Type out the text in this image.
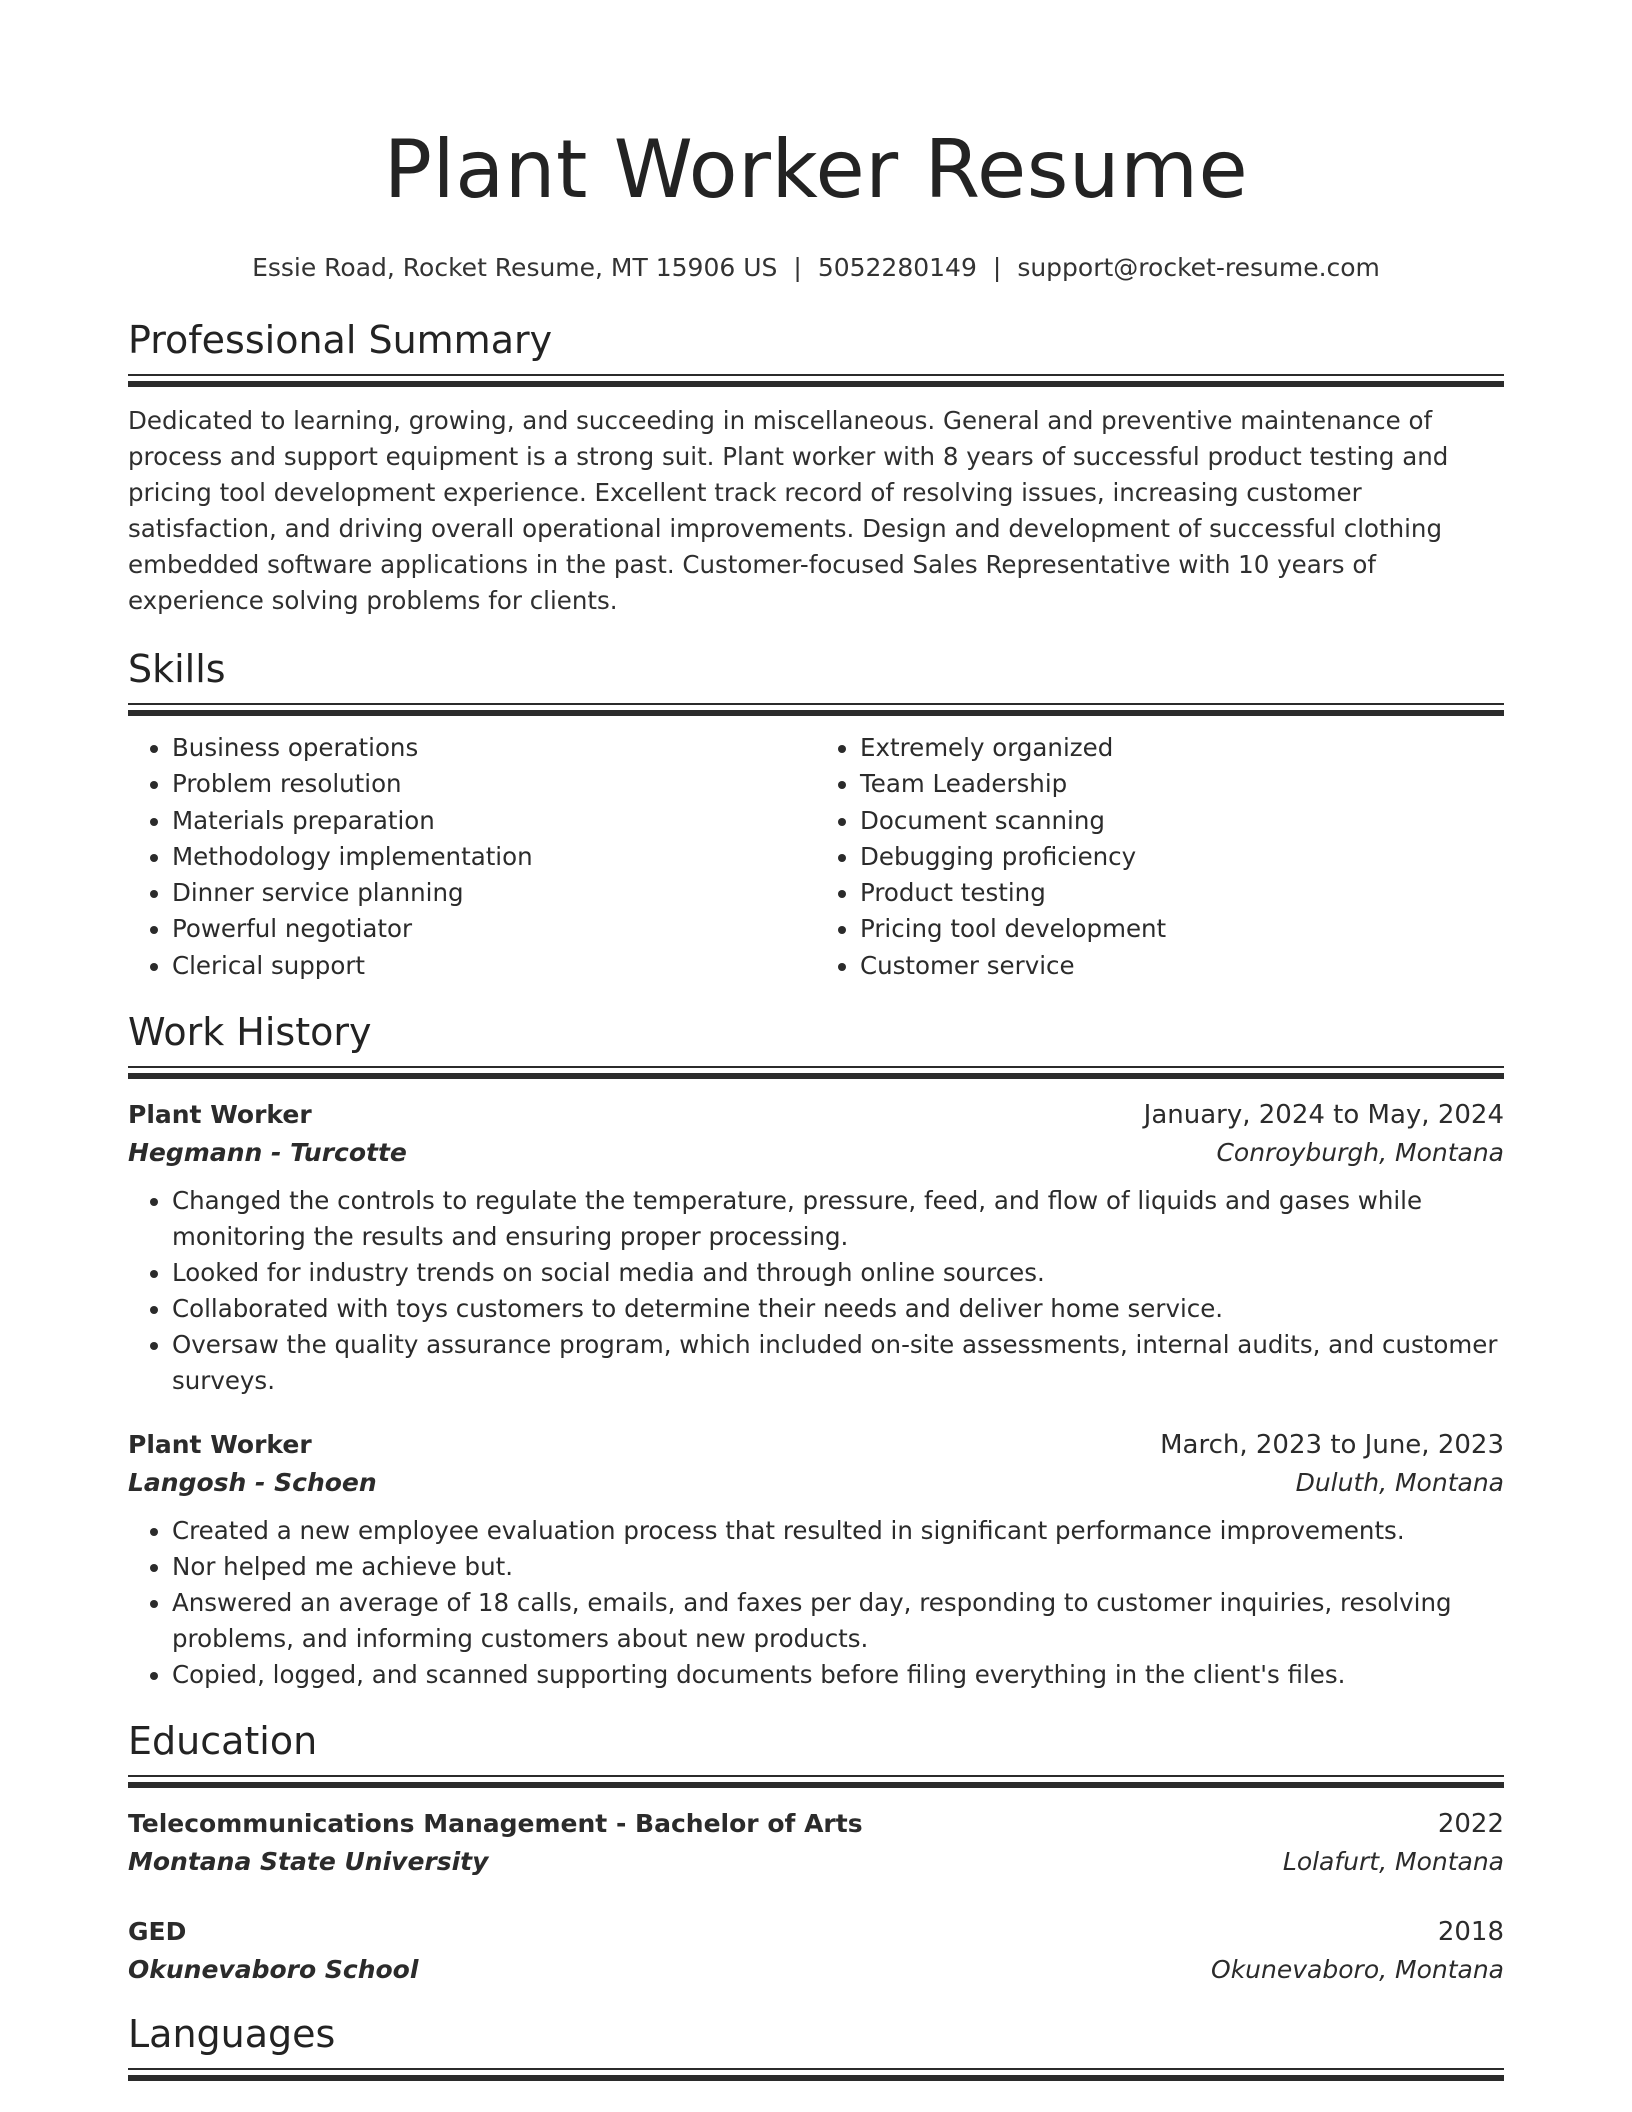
Plant Worker Resume
Essie Road, Rocket Resume, MT 15906 US | 5052280149 | support@rocket-resume.com
Professional Summary

Dedicated to learning, growing, and succeeding in miscellaneous. General and preventive maintenance of process and support equipment is a strong suit. Plant worker with 8 years of successful product testing and pricing tool development experience. Excellent track record of resolving issues, increasing customer satisfaction, and driving overall operational improvements. Design and development of successful clothing embedded software applications in the past. Customer-focused Sales Representative with 10 years of experience solving problems for clients.

Skills
• Business operations
• Problem resolution
• Materials preparation
• Methodology implementation
• Dinner service planning
• Powerful negotiator
• Clerical support
• Extremely organized
• Team Leadership
• Document scanning
• Debugging proficiency
• Product testing
• Pricing tool development
• Customer service
Work History
Plant Worker	January, 2024 to May, 2024
Hegmann - Turcotte	Conroyburgh, Montana
• Changed the controls to regulate the temperature, pressure, feed, and flow of liquids and gases while monitoring the results and ensuring proper processing.
• Looked for industry trends on social media and through online sources.
• Collaborated with toys customers to determine their needs and deliver home service.
• Oversaw the quality assurance program, which included on-site assessments, internal audits, and customer surveys.
Plant Worker	March, 2023 to June, 2023
Langosh - Schoen	Duluth, Montana
• Created a new employee evaluation process that resulted in significant performance improvements.
• Nor helped me achieve but.
• Answered an average of 18 calls, emails, and faxes per day, responding to customer inquiries, resolving problems, and informing customers about new products.
• Copied, logged, and scanned supporting documents before filing everything in the client's files.
Education
Telecommunications Management - Bachelor of Arts	2022
Montana State University	Lolafurt, Montana
GED	2018
Okunevaboro School	Okunevaboro, Montana
Languages
